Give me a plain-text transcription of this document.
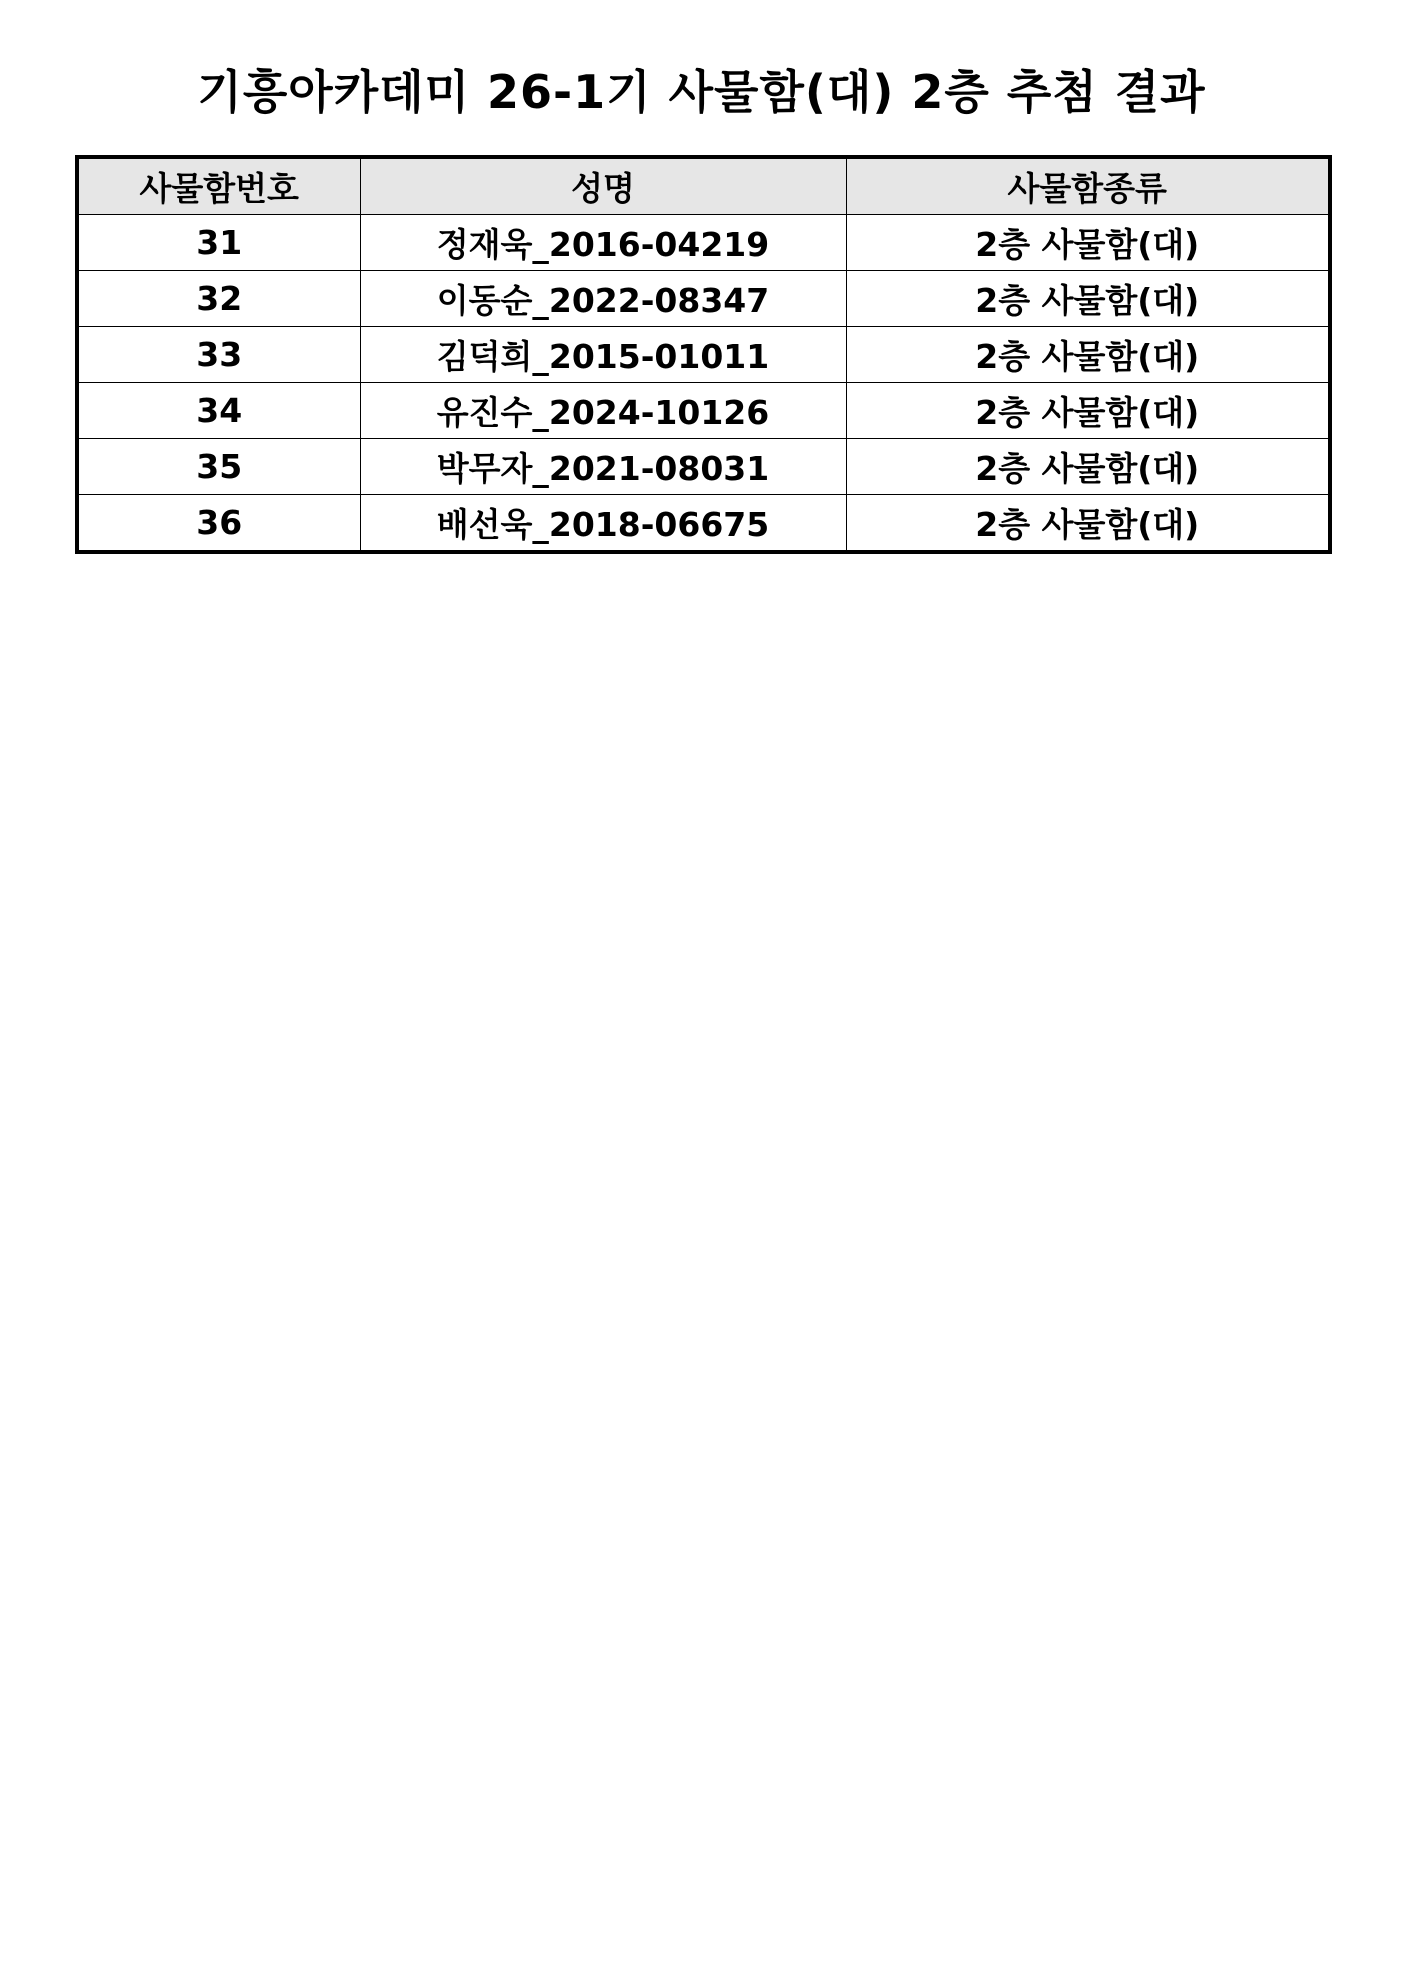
기흥아카데미 26-1기 사물함(대) 2층 추첨 결과
사물함번호	성명	사물함종류
31	정재욱_2016-04219	2층 사물함(대)
32	이동순_2022-08347	2층 사물함(대)
33	김덕희_2015-01011	2층 사물함(대)
34	유진수_2024-10126	2층 사물함(대)
35	박무자_2021-08031	2층 사물함(대)
36	배선욱_2018-06675	2층 사물함(대)
